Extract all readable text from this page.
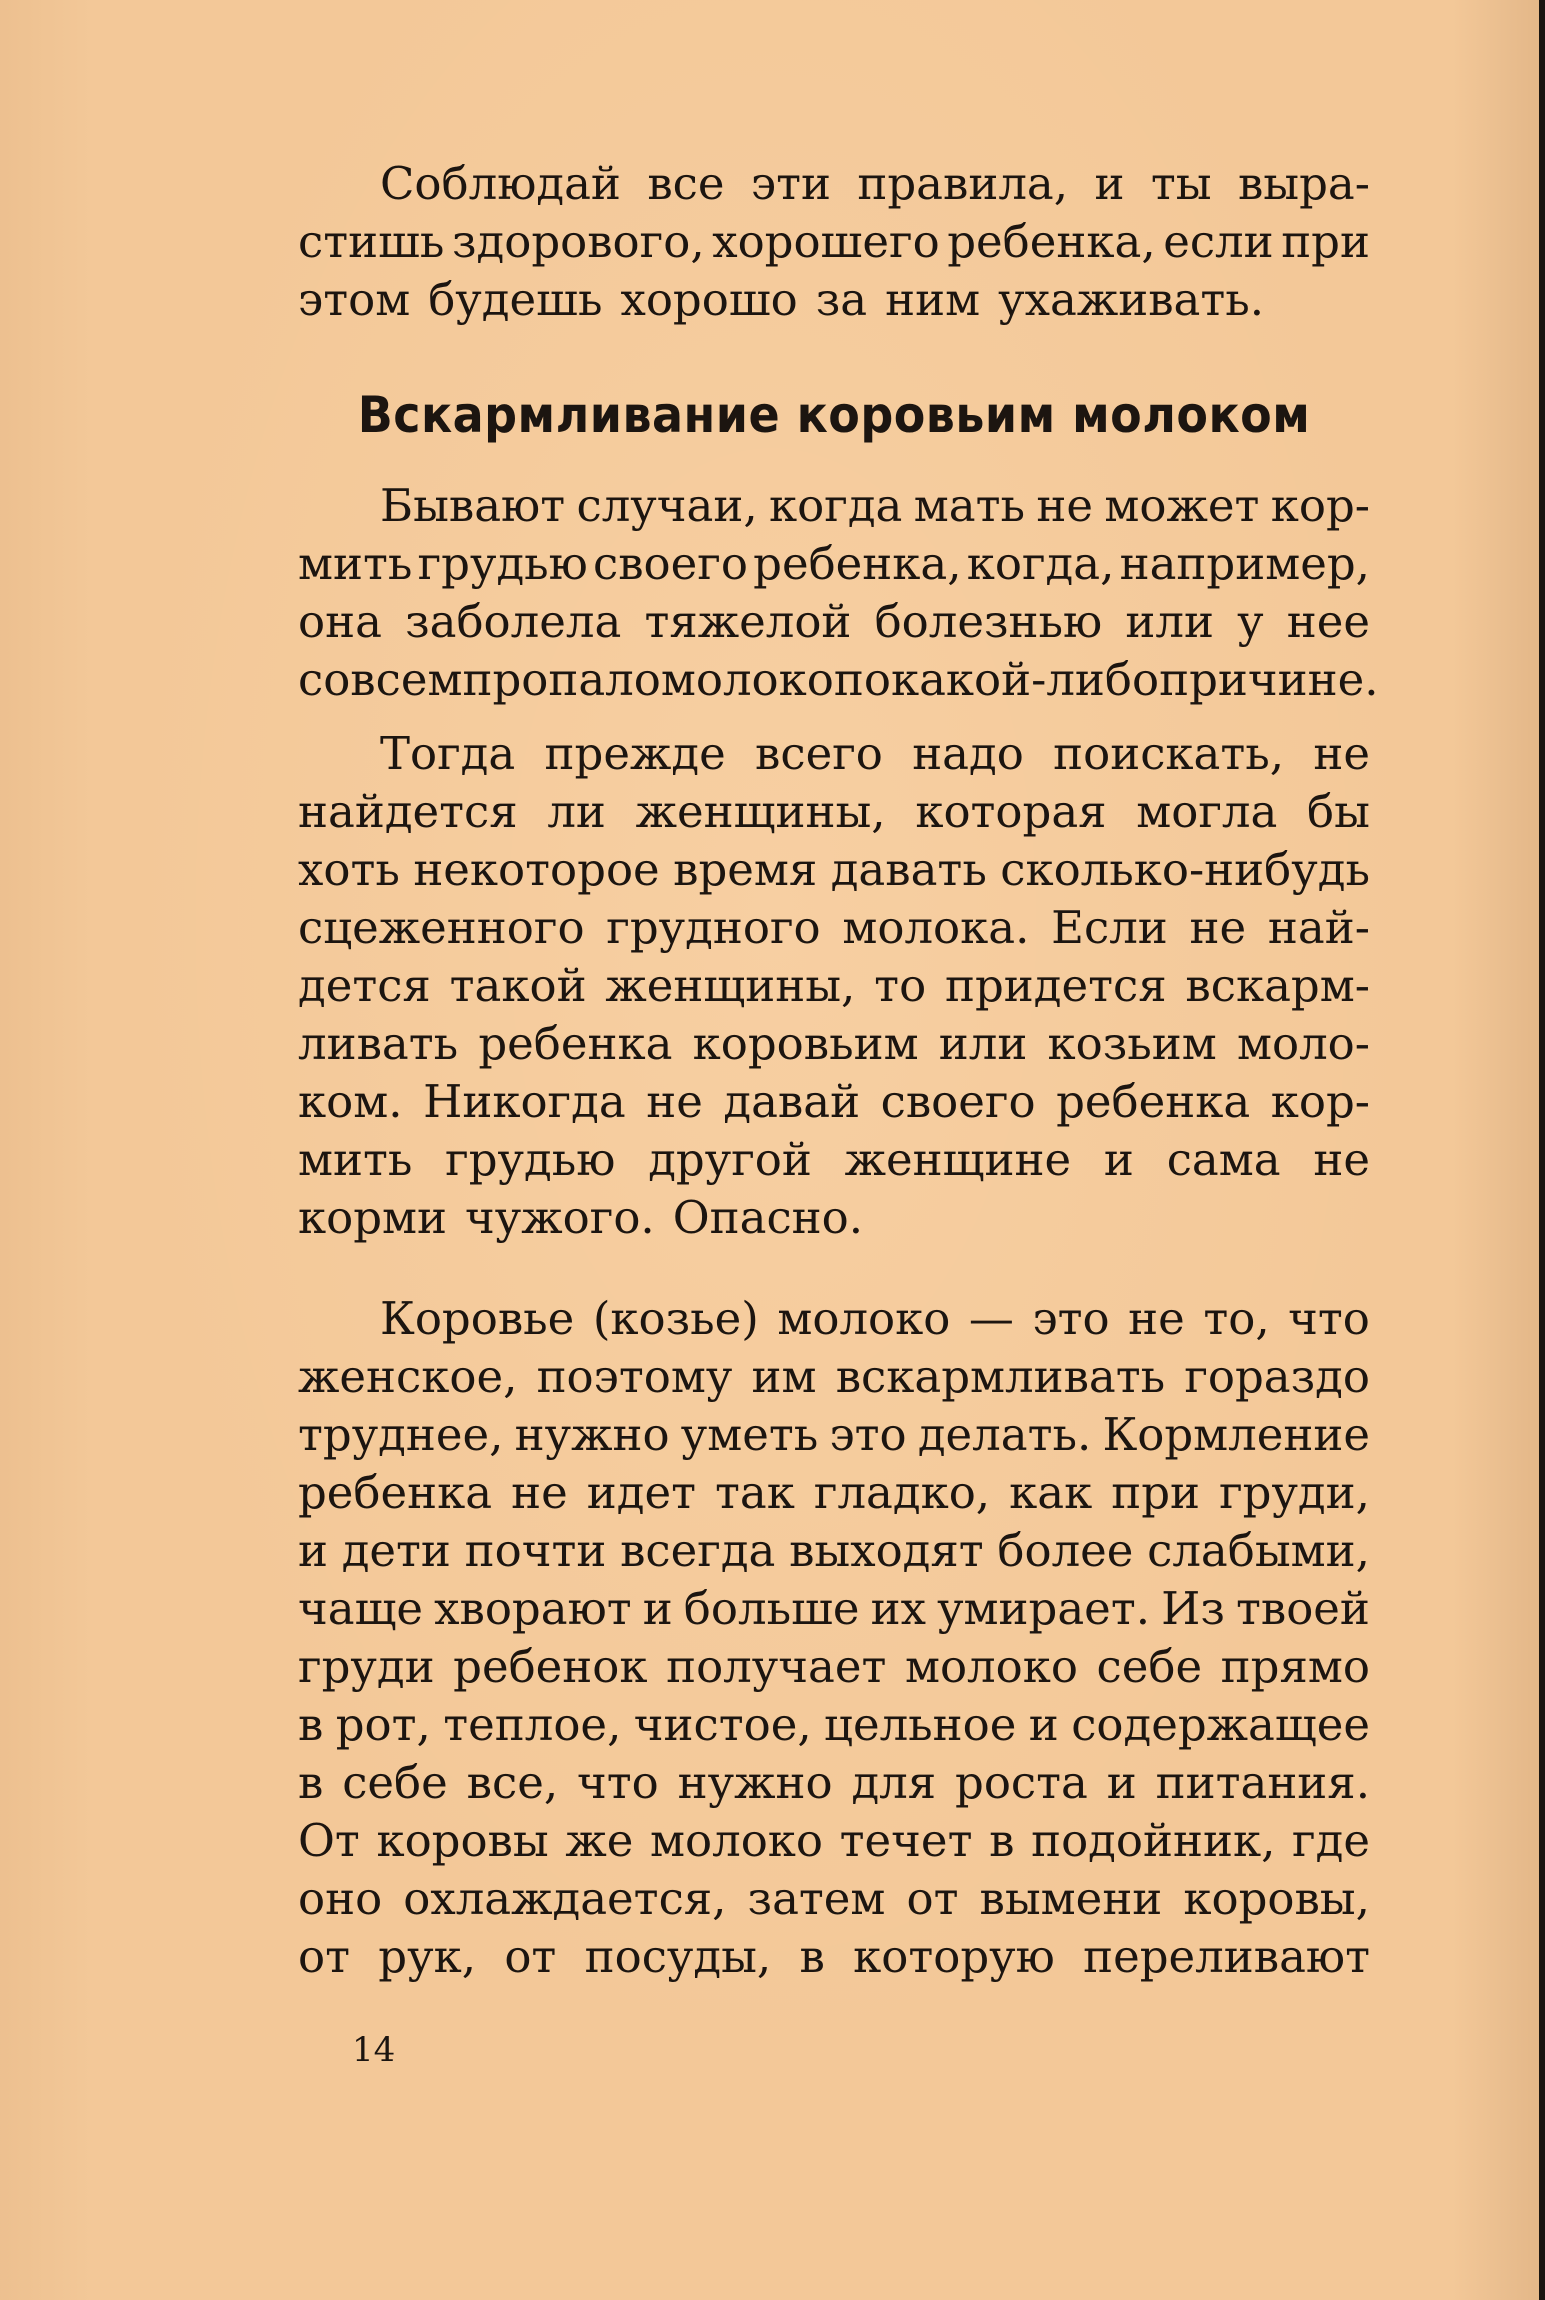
Соблюдай все эти правила, и ты выра-
стишь здорового, хорошего ребенка, если при
этом будешь хорошо за ним ухаживать.
Вскармливание коровьим молоком
Бывают случаи, когда мать не может кор-
мить грудью своего ребенка, когда, например,
она заболела тяжелой болезнью или у нее
совсем пропало молоко по какой-либо причине.
Тогда прежде всего надо поискать, не
найдется ли женщины, которая могла бы
хоть некоторое время давать сколько-нибудь
сцеженного грудного молока. Если не най-
дется такой женщины, то придется вскарм-
ливать ребенка коровьим или козьим моло-
ком. Никогда не давай своего ребенка кор-
мить грудью другой женщине и сама не
корми чужого. Опасно.
Коровье (козье) молоко — это не то, что
женское, поэтому им вскармливать гораздо
труднее, нужно уметь это делать. Кормление
ребенка не идет так гладко, как при груди,
и дети почти всегда выходят более слабыми,
чаще хворают и больше их умирает. Из твоей
груди ребенок получает молоко себе прямо
в рот, теплое, чистое, цельное и содержащее
в себе все, что нужно для роста и питания.
От коровы же молоко течет в подойник, где
оно охлаждается, затем от вымени коровы,
от рук, от посуды, в которую переливают
14
